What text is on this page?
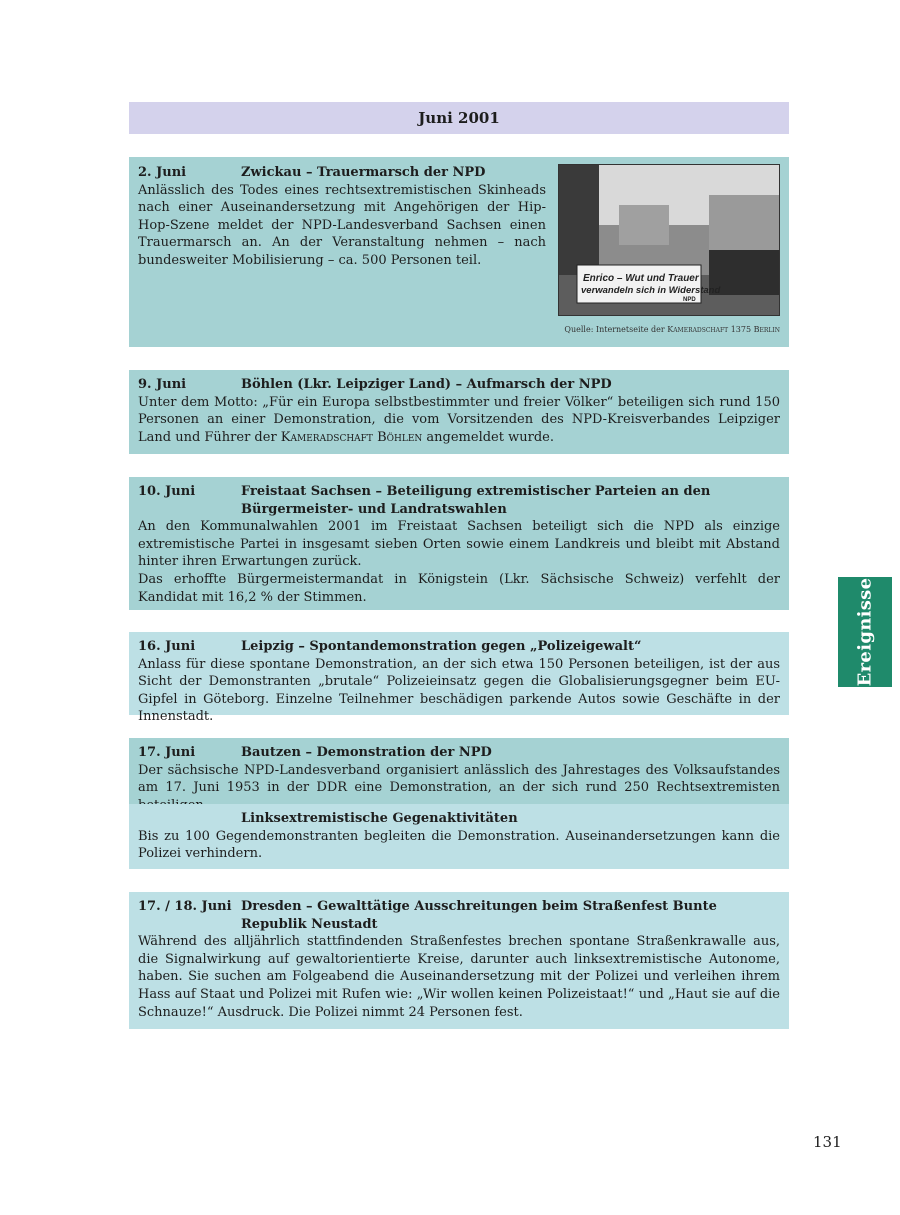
Juni 2001
2. Juni	Zwickau – Trauermarsch der NPD
Anlässlich des Todes eines rechtsextremistischen Skinheads nach einer Auseinandersetzung mit Angehörigen der Hip-Hop-Szene meldet der NPD-Landesverband Sachsen einen Trauermarsch an. An der Veranstaltung nehmen – nach bundesweiter Mobilisierung – ca. 500 Personen teil.
Enrico – Wut und Trauer
verwandeln sich in Widerstand
NPD
Quelle: Internetseite der Kameradschaft 1375 Berlin
9. Juni	Böhlen (Lkr. Leipziger Land) – Aufmarsch der NPD
Unter dem Motto: „Für ein Europa selbstbestimmter und freier Völker“ beteiligen sich rund 150 Personen an einer Demonstration, die vom Vorsitzenden des NPD-Kreisverbandes Leipziger Land und Führer der Kameradschaft Böhlen angemeldet wurde.
10. Juni	Freistaat Sachsen – Beteiligung extremistischer Parteien an den Bürgermeister- und Landratswahlen
An den Kommunalwahlen 2001 im Freistaat Sachsen beteiligt sich die NPD als einzige extremistische Partei in insgesamt sieben Orten sowie einem Landkreis und bleibt mit Abstand hinter ihren Erwartungen zurück.
Das erhoffte Bürgermeistermandat in Königstein (Lkr. Sächsische Schweiz) verfehlt der Kandidat mit 16,2 % der Stimmen.
16. Juni	Leipzig – Spontandemonstration gegen „Polizeigewalt“
Anlass für diese spontane Demonstration, an der sich etwa 150 Personen beteiligen, ist der aus Sicht der Demonstranten „brutale“ Polizeieinsatz gegen die Globalisierungsgegner beim EU-Gipfel in Göteborg. Einzelne Teilnehmer beschädigen parkende Autos sowie Geschäfte in der Innenstadt.
17. Juni	Bautzen – Demonstration der NPD
Der sächsische NPD-Landesverband organisiert anlässlich des Jahrestages des Volksaufstandes am 17. Juni 1953 in der DDR eine Demonstration, an der sich rund 250 Rechtsextremisten
Linksextremistische Gegenaktivitäten
Bis zu 100 Gegendemonstranten begleiten die Demonstration. Auseinandersetzungen kann die Polizei verhindern.
17. / 18. Juni Dresden – Gewalttätige Ausschreitungen beim Straßenfest Bunte Republik Neustadt
Während des alljährlich stattfindenden Straßenfestes brechen spontane Straßenkrawalle aus, die Signalwirkung auf gewaltorientierte Kreise, darunter auch linksextremistische Autonome, haben. Sie suchen am Folgeabend die Auseinandersetzung mit der Polizei und verleihen ihrem Hass auf Staat und Polizei mit Rufen wie: „Wir wollen keinen Polizeistaat!“ und „Haut sie auf die Schnauze!“ Ausdruck. Die Polizei nimmt 24 Personen fest.
Ereignisse
131
